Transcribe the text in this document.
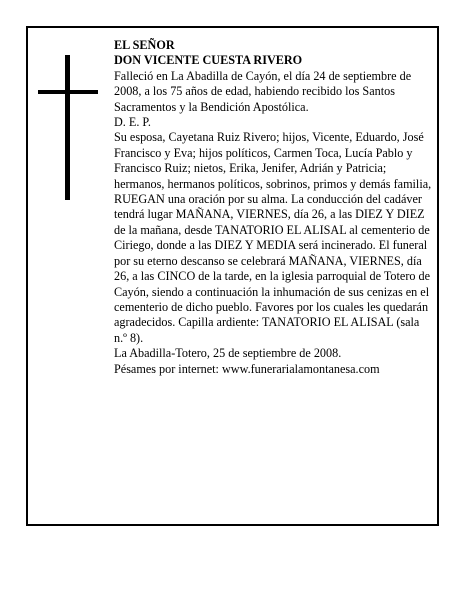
EL SEÑOR

DON VICENTE CUESTA RIVERO

Falleció en La Abadilla de Cayón, el día 24 de septiembre de 2008, a los 75 años de edad, habiendo recibido los Santos Sacramentos y la Bendición Apostólica.

D. E. P.

Su esposa, Cayetana Ruiz Rivero; hijos, Vicente, Eduardo, José Francisco y Eva; hijos políticos, Carmen Toca, Lucía Pablo y Francisco Ruiz; nietos, Erika, Jenifer, Adrián y Patricia; hermanos, hermanos políticos, sobrinos, primos y demás familia,

RUEGAN una oración por su alma. La conducción del cadáver tendrá lugar MAÑANA, VIERNES, día 26, a las DIEZ Y DIEZ de la mañana, desde TANATORIO EL ALISAL al cementerio de Ciriego, donde a las DIEZ Y MEDIA será incinerado. El funeral por su eterno descanso se celebrará MAÑANA, VIERNES, día 26, a las CINCO de la tarde, en la iglesia parroquial de Totero de Cayón, siendo a continuación la inhumación de sus cenizas en el cementerio de dicho pueblo. Favores por los cuales les quedarán agradecidos. Capilla ardiente: TANATORIO EL ALISAL (sala n.º 8).

La Abadilla-Totero, 25 de septiembre de 2008.

Pésames por internet: www.funerarialamontanesa.com
